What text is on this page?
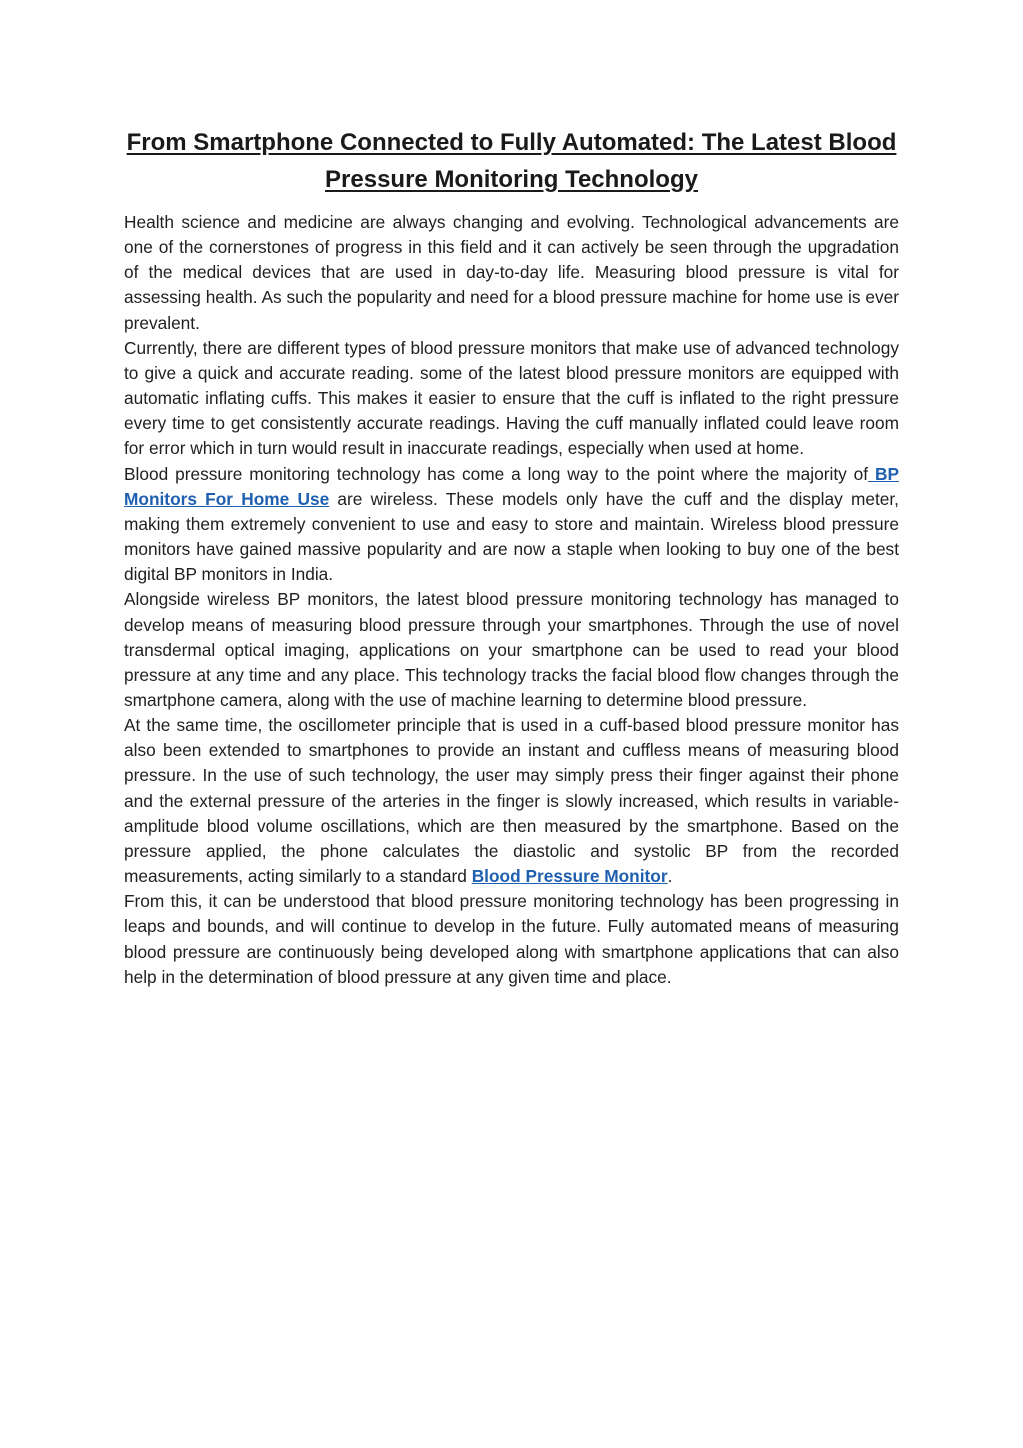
From Smartphone Connected to Fully Automated: The Latest Blood Pressure Monitoring Technology

Health science and medicine are always changing and evolving. Technological advancements are one of the cornerstones of progress in this field and it can actively be seen through the upgradation of the medical devices that are used in day-to-day life. Measuring blood pressure is vital for assessing health. As such the popularity and need for a blood pressure machine for home use is ever prevalent.

Currently, there are different types of blood pressure monitors that make use of advanced technology to give a quick and accurate reading. some of the latest blood pressure monitors are equipped with automatic inflating cuffs. This makes it easier to ensure that the cuff is inflated to the right pressure every time to get consistently accurate readings. Having the cuff manually inflated could leave room for error which in turn would result in inaccurate readings, especially when used at home.

Blood pressure monitoring technology has come a long way to the point where the majority of BP Monitors For Home Use are wireless. These models only have the cuff and the display meter, making them extremely convenient to use and easy to store and maintain. Wireless blood pressure monitors have gained massive popularity and are now a staple when looking to buy one of the best digital BP monitors in India.

Alongside wireless BP monitors, the latest blood pressure monitoring technology has managed to develop means of measuring blood pressure through your smartphones. Through the use of novel transdermal optical imaging, applications on your smartphone can be used to read your blood pressure at any time and any place. This technology tracks the facial blood flow changes through the smartphone camera, along with the use of machine learning to determine blood pressure.

At the same time, the oscillometer principle that is used in a cuff-based blood pressure monitor has also been extended to smartphones to provide an instant and cuffless means of measuring blood pressure. In the use of such technology, the user may simply press their finger against their phone and the external pressure of the arteries in the finger is slowly increased, which results in variable-amplitude blood volume oscillations, which are then measured by the smartphone. Based on the pressure applied, the phone calculates the diastolic and systolic BP from the recorded measurements, acting similarly to a standard Blood Pressure Monitor.

From this, it can be understood that blood pressure monitoring technology has been progressing in leaps and bounds, and will continue to develop in the future. Fully automated means of measuring blood pressure are continuously being developed along with smartphone applications that can also help in the determination of blood pressure at any given time and place.
